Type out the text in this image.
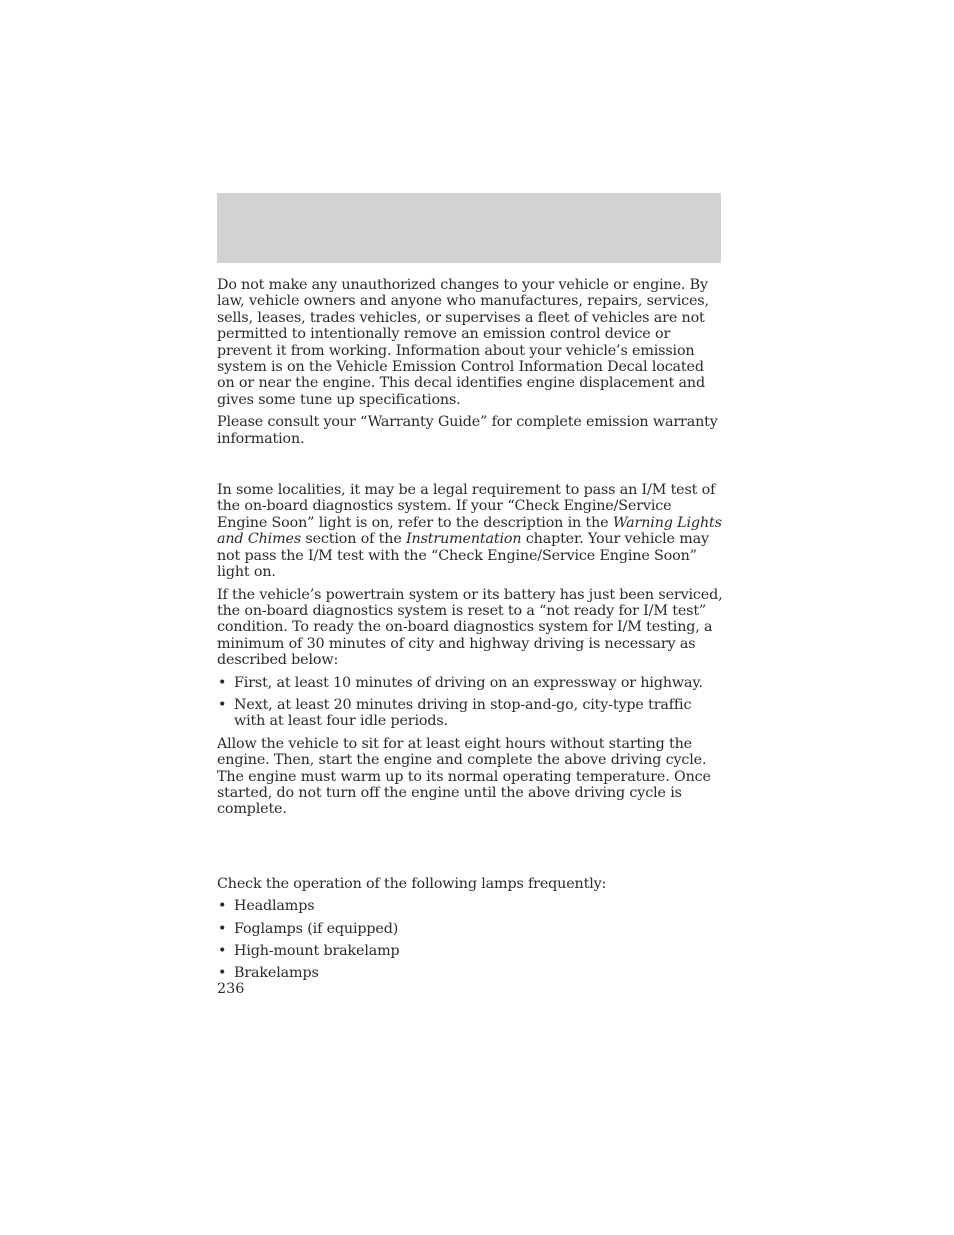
Do not make any unauthorized changes to your vehicle or engine. By law, vehicle owners and anyone who manufactures, repairs, services, sells, leases, trades vehicles, or supervises a fleet of vehicles are not permitted to intentionally remove an emission control device or prevent it from working. Information about your vehicle’s emission system is on the Vehicle Emission Control Information Decal located on or near the engine. This decal identifies engine displacement and gives some tune up specifications.

Please consult your “Warranty Guide” for complete emission warranty information.

In some localities, it may be a legal requirement to pass an I/M test of the on-board diagnostics system. If your “Check Engine/Service Engine Soon” light is on, refer to the description in the Warning Lights and Chimes section of the Instrumentation chapter. Your vehicle may not pass the I/M test with the “Check Engine/Service Engine Soon” light on.

If the vehicle’s powertrain system or its battery has just been serviced, the on-board diagnostics system is reset to a “not ready for I/M test” condition. To ready the on-board diagnostics system for I/M testing, a minimum of 30 minutes of city and highway driving is necessary as described below:

• First, at least 10 minutes of driving on an expressway or highway.
• Next, at least 20 minutes driving in stop-and-go, city-type traffic with at least four idle periods.

Allow the vehicle to sit for at least eight hours without starting the engine. Then, start the engine and complete the above driving cycle. The engine must warm up to its normal operating temperature. Once started, do not turn off the engine until the above driving cycle is complete.

Check the operation of the following lamps frequently:

• Headlamps
• Foglamps (if equipped)
• High-mount brakelamp
• Brakelamps
236
